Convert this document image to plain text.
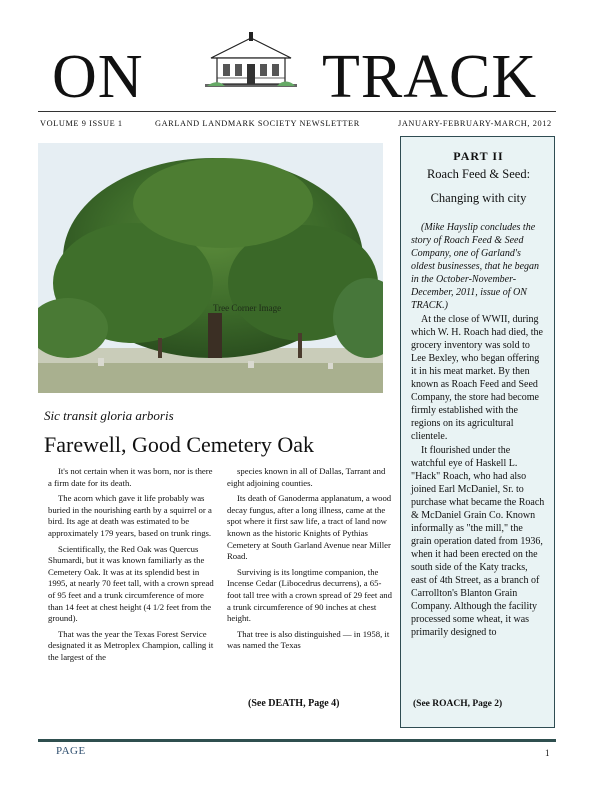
ON	TRACK
VOLUME 9 ISSUE 1	GARLAND LANDMARK SOCIETY NEWSLETTER	JANUARY-FEBRUARY-MARCH, 2012
Tree Corner Image
Sic transit gloria arboris
Farewell, Good Cemetery Oak

It's not certain when it was born, nor is there a firm date for its death.

The acorn which gave it life probably was buried in the nourishing earth by a squirrel or a bird. Its age at death was estimated to be approximately 179 years, based on trunk rings.

Scientifically, the Red Oak was Quercus Shumardi, but it was known familiarly as the Cemetery Oak. It was at its splendid best in 1995, at nearly 70 feet tall, with a crown spread of 95 feet and a trunk circumference of more than 14 feet at chest height (4 1/2 feet from the ground).

That was the year the Texas Forest Service designated it as Metroplex Champion, calling it the largest of the

species known in all of Dallas, Tarrant and eight adjoining counties.

Its death of Ganoderma applanatum, a wood decay fungus, after a long illness, came at the spot where it first saw life, a tract of land now known as the historic Knights of Pythias Cemetery at South Garland Avenue near Miller Road.

Surviving is its longtime companion, the Incense Cedar (Libocedrus decurrens), a 65-foot tall tree with a crown spread of 29 feet and a trunk circumference of 90 inches at chest height.

That tree is also distinguished — in 1958, it was named the Texas

(See DEATH, Page 4)
PART II
Roach Feed & Seed:
Changing with city

(Mike Hayslip concludes the story of Roach Feed & Seed Company, one of Garland's oldest businesses, that he began in the October-November-December, 2011, issue of ON TRACK.)

At the close of WWII, during which W. H. Roach had died, the grocery inventory was sold to Lee Bexley, who began offering it in his meat market. By then known as Roach Feed and Seed Company, the store had become firmly established with the regions on its agricultural clientele.

It flourished under the watchful eye of Haskell L. "Hack" Roach, who had also joined Earl McDaniel, Sr. to purchase what became the Roach & McDaniel Grain Co. Known informally as "the mill," the grain operation dated from 1936, when it had been erected on the south side of the Katy tracks, east of 4th Street, as a branch of Carrollton's Blanton Grain Company. Although the facility processed some wheat, it was primarily designed to

(See ROACH, Page 2)
PAGE	1
